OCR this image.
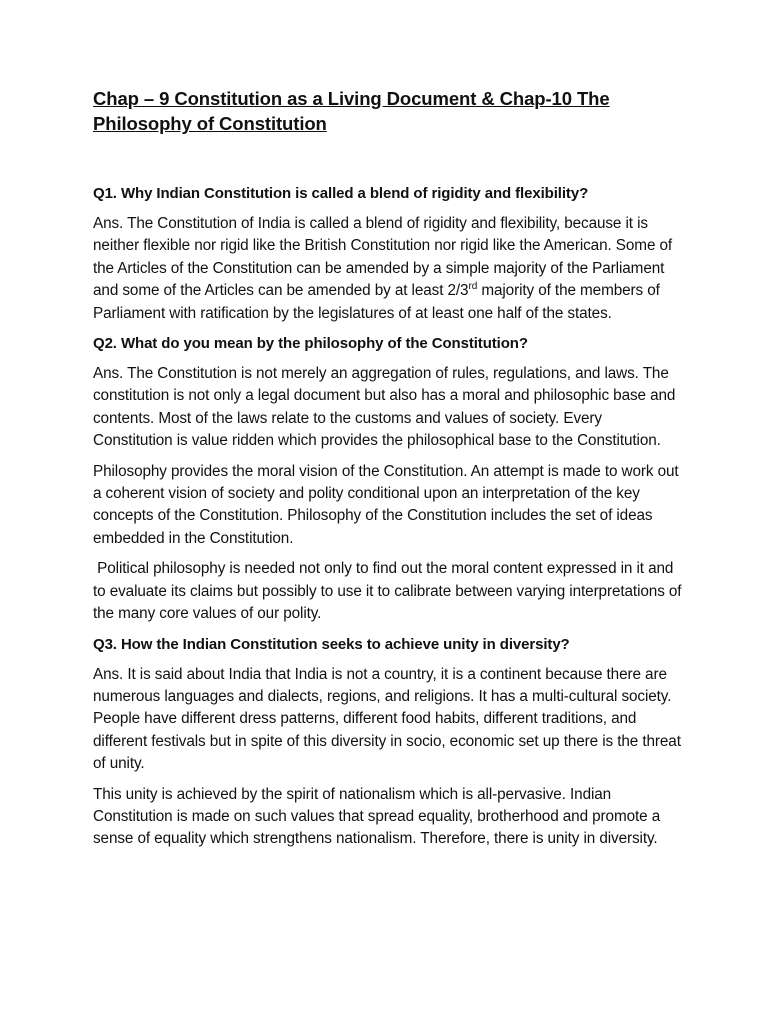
Chap – 9 Constitution as a Living Document & Chap-10 The Philosophy of Constitution

Q1. Why Indian Constitution is called a blend of rigidity and flexibility?

Ans. The Constitution of India is called a blend of rigidity and flexibility, because it is neither flexible nor rigid like the British Constitution nor rigid like the American. Some of the Articles of the Constitution can be amended by a simple majority of the Parliament and some of the Articles can be amended by at least 2/3rd majority of the members of Parliament with ratification by the legislatures of at least one half of the states.

Q2. What do you mean by the philosophy of the Constitution?

Ans. The Constitution is not merely an aggregation of rules, regulations, and laws. The constitution is not only a legal document but also has a moral and philosophic base and contents. Most of the laws relate to the customs and values of society. Every Constitution is value ridden which provides the philosophical base to the Constitution.

Philosophy provides the moral vision of the Constitution. An attempt is made to work out a coherent vision of society and polity conditional upon an interpretation of the key concepts of the Constitution. Philosophy of the Constitution includes the set of ideas embedded in the Constitution.

Political philosophy is needed not only to find out the moral content expressed in it and to evaluate its claims but possibly to use it to calibrate between varying interpretations of the many core values of our polity.

Q3. How the Indian Constitution seeks to achieve unity in diversity?

Ans. It is said about India that India is not a country, it is a continent because there are numerous languages and dialects, regions, and religions. It has a multi-cultural society. People have different dress patterns, different food habits, different traditions, and different festivals but in spite of this diversity in socio, economic set up there is the threat of unity.

This unity is achieved by the spirit of nationalism which is all-pervasive. Indian Constitution is made on such values that spread equality, brotherhood and promote a sense of equality which strengthens nationalism. Therefore, there is unity in diversity.
